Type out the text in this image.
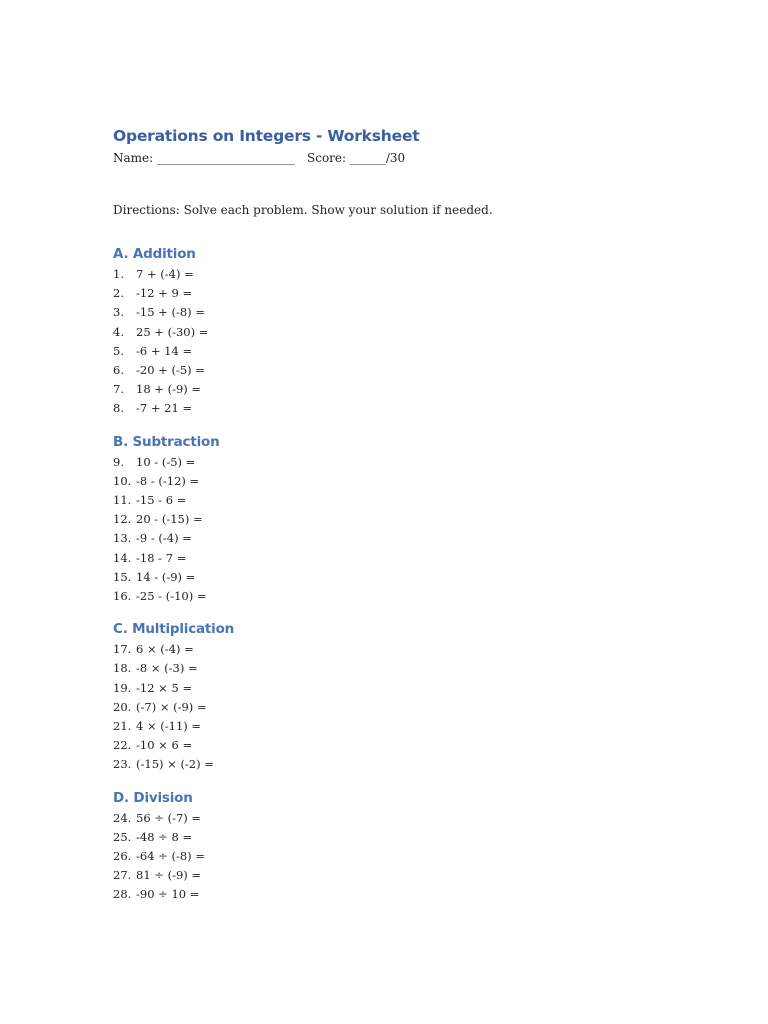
Operations on Integers - Worksheet
Name: _______________________ Score: ______/30
Directions: Solve each problem. Show your solution if needed.
A. Addition
1.	7 + (-4) =
2.	-12 + 9 =
3.	-15 + (-8) =
4.	25 + (-30) =
5.	-6 + 14 =
6.	-20 + (-5) =
7.	18 + (-9) =
8.	-7 + 21 =
B. Subtraction
9.	10 - (-5) =
10. -8 - (-12) =
11. -15 - 6 =
12. 20 - (-15) =
13. -9 - (-4) =
14. -18 - 7 =
15. 14 - (-9) =
16. -25 - (-10) =
C. Multiplication
17. 6 × (-4) =
18. -8 × (-3) =
19. -12 × 5 =
20. (-7) × (-9) =
21. 4 × (-11) =
22. -10 × 6 =
23. (-15) × (-2) =
D. Division
24. 56 ÷ (-7) =
25. -48 ÷ 8 =
26. -64 ÷ (-8) =
27. 81 ÷ (-9) =
28. -90 ÷ 10 =
